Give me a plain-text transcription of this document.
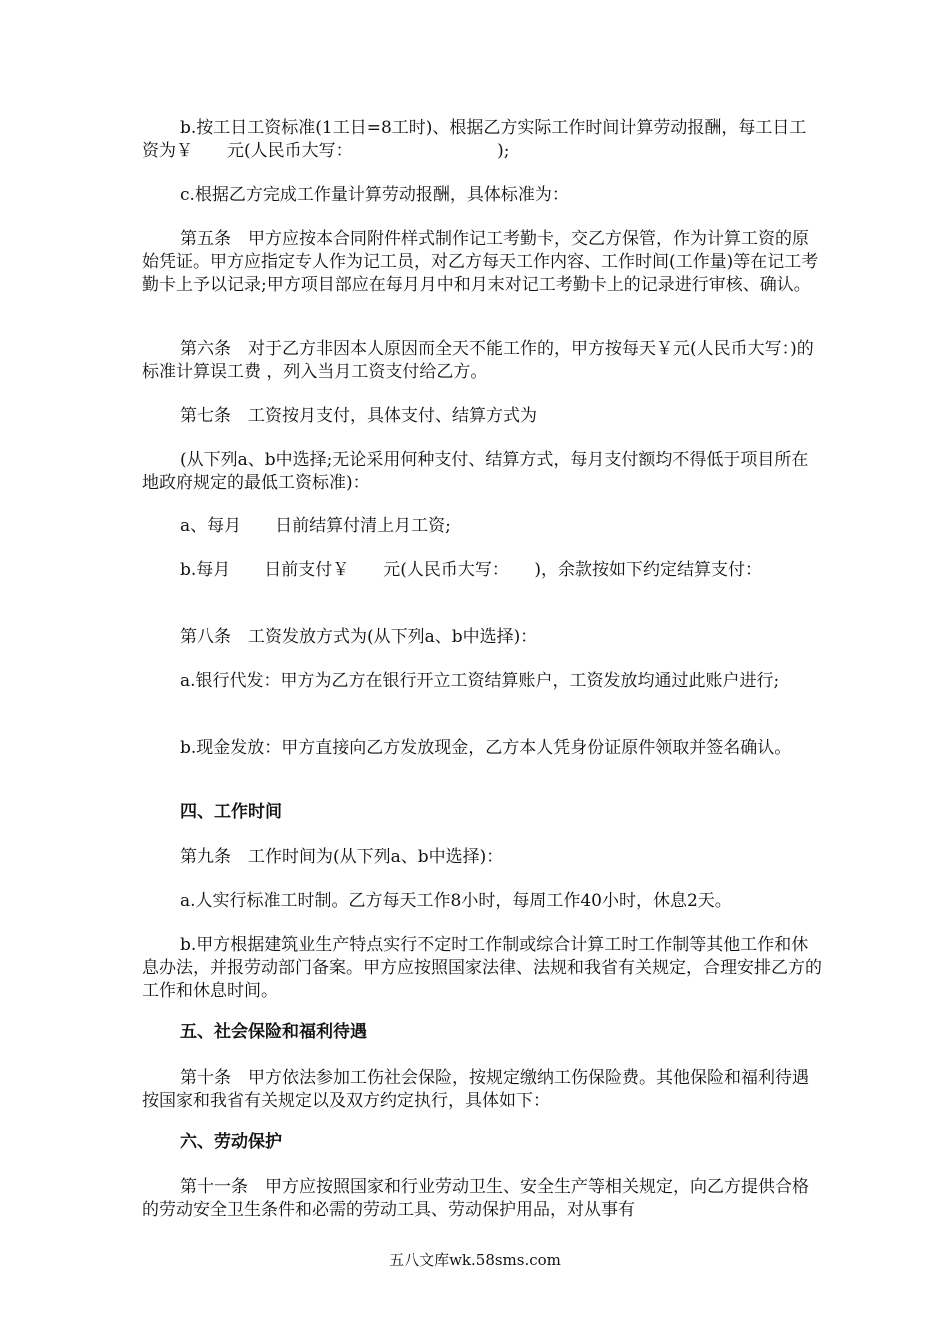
b.按工日工资标准(1工日=8工时)、根据乙方实际工作时间计算劳动报酬，每工日工资为￥　　元(人民币大写：　　　　　　　　　);

c.根据乙方完成工作量计算劳动报酬，具体标准为：

第五条　甲方应按本合同附件样式制作记工考勤卡，交乙方保管，作为计算工资的原始凭证。甲方应指定专人作为记工员，对乙方每天工作内容、工作时间(工作量)等在记工考勤卡上予以记录;甲方项目部应在每月月中和月末对记工考勤卡上的记录进行审核、确认。

第六条　对于乙方非因本人原因而全天不能工作的，甲方按每天￥元(人民币大写：)的标准计算误工费 ，列入当月工资支付给乙方。

第七条　工资按月支付，具体支付、结算方式为

(从下列a、b中选择;无论采用何种支付、结算方式，每月支付额均不得低于项目所在地政府规定的最低工资标准)：

a、每月　　日前结算付清上月工资;

b.每月　　日前支付￥　　元(人民币大写：　　)，余款按如下约定结算支付：

第八条　工资发放方式为(从下列a、b中选择)：

a.银行代发：甲方为乙方在银行开立工资结算账户，工资发放均通过此账户进行;

b.现金发放：甲方直接向乙方发放现金，乙方本人凭身份证原件领取并签名确认。

四、工作时间

第九条　工作时间为(从下列a、b中选择)：

a.人实行标准工时制。乙方每天工作8小时，每周工作40小时，休息2天。

b.甲方根据建筑业生产特点实行不定时工作制或综合计算工时工作制等其他工作和休息办法，并报劳动部门备案。甲方应按照国家法律、法规和我省有关规定，合理安排乙方的工作和休息时间。

五、社会保险和福利待遇

第十条　甲方依法参加工伤社会保险，按规定缴纳工伤保险费。其他保险和福利待遇按国家和我省有关规定以及双方约定执行，具体如下：

六、劳动保护

第十一条　甲方应按照国家和行业劳动卫生、安全生产等相关规定，向乙方提供合格的劳动安全卫生条件和必需的劳动工具、劳动保护用品，对从事有

五八文库wk.58sms.com
